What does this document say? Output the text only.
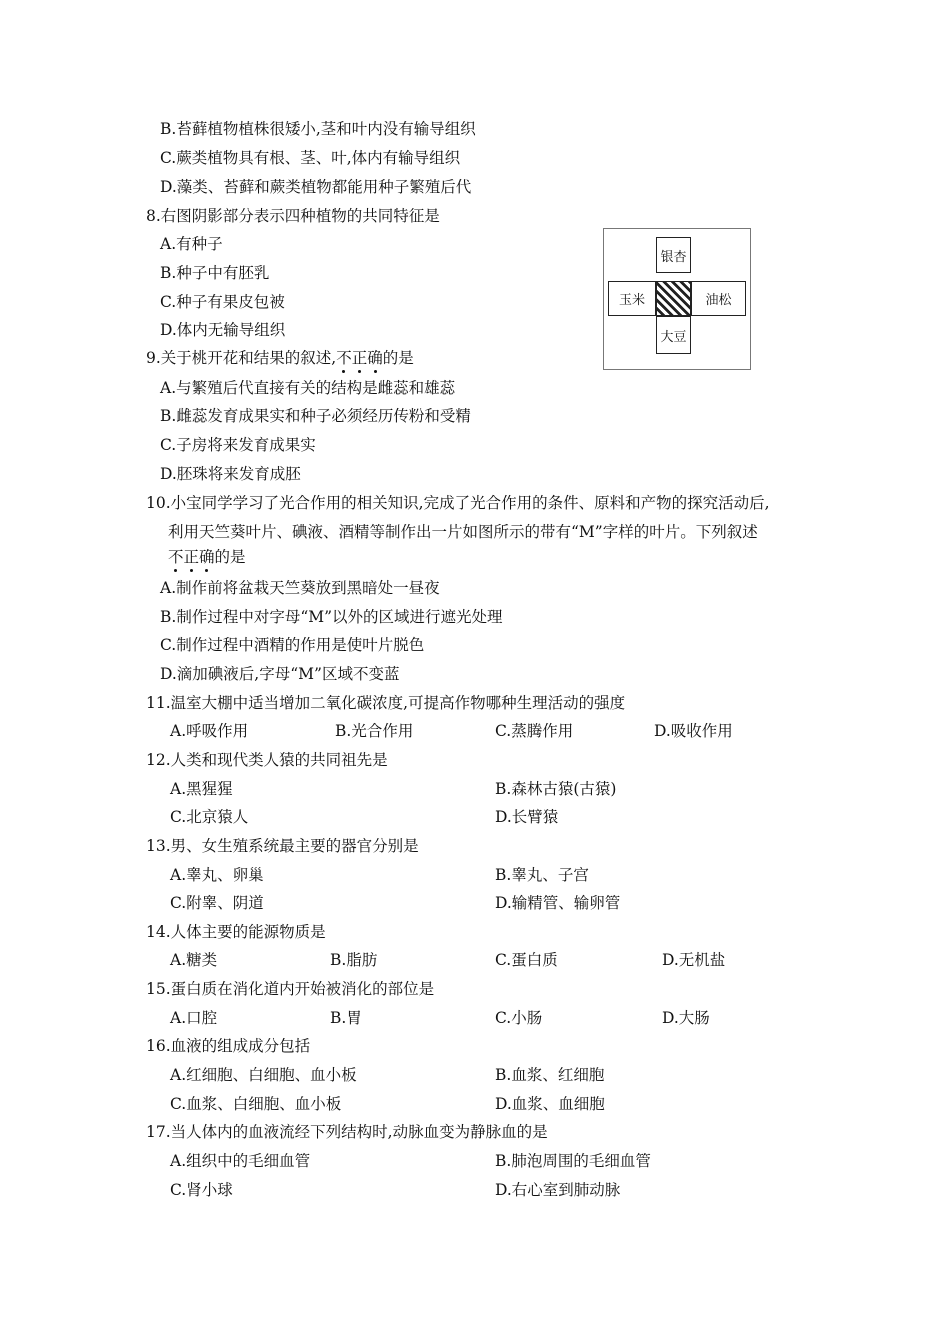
B.苔藓植物植株很矮小,茎和叶内没有输导组织
C.蕨类植物具有根、茎、叶,体内有输导组织
D.藻类、苔藓和蕨类植物都能用种子繁殖后代
8.右图阴影部分表示四种植物的共同特征是
A.有种子
B.种子中有胚乳
C.种子有果皮包被
D.体内无输导组织
银杏
玉米	油松
大豆
9.关于桃开花和结果的叙述,不正确的是
A.与繁殖后代直接有关的结构是雌蕊和雄蕊
B.雌蕊发育成果实和种子必须经历传粉和受精
C.子房将来发育成果实
D.胚珠将来发育成胚
10.小宝同学学习了光合作用的相关知识,完成了光合作用的条件、原料和产物的探究活动后,
利用天竺葵叶片、碘液、酒精等制作出一片如图所示的带有“M”字样的叶片。下列叙述
不正确的是
A.制作前将盆栽天竺葵放到黑暗处一昼夜
B.制作过程中对字母“M”以外的区域进行遮光处理
C.制作过程中酒精的作用是使叶片脱色
D.滴加碘液后,字母“M”区域不变蓝
11.温室大棚中适当增加二氧化碳浓度,可提高作物哪种生理活动的强度
A.呼吸作用	B.光合作用	C.蒸腾作用	D.吸收作用
12.人类和现代类人猿的共同祖先是
A.黑猩猩	B.森林古猿(古猿)
C.北京猿人	D.长臂猿
13.男、女生殖系统最主要的器官分别是
A.睾丸、卵巢	B.睾丸、子宫
C.附睾、阴道	D.输精管、输卵管
14.人体主要的能源物质是
A.糖类	B.脂肪	C.蛋白质	D.无机盐
15.蛋白质在消化道内开始被消化的部位是
A.口腔	B.胃	C.小肠	D.大肠
16.血液的组成成分包括
A.红细胞、白细胞、血小板	B.血浆、红细胞
C.血浆、白细胞、血小板	D.血浆、血细胞
17.当人体内的血液流经下列结构时,动脉血变为静脉血的是
A.组织中的毛细血管	B.肺泡周围的毛细血管
C.肾小球	D.右心室到肺动脉
